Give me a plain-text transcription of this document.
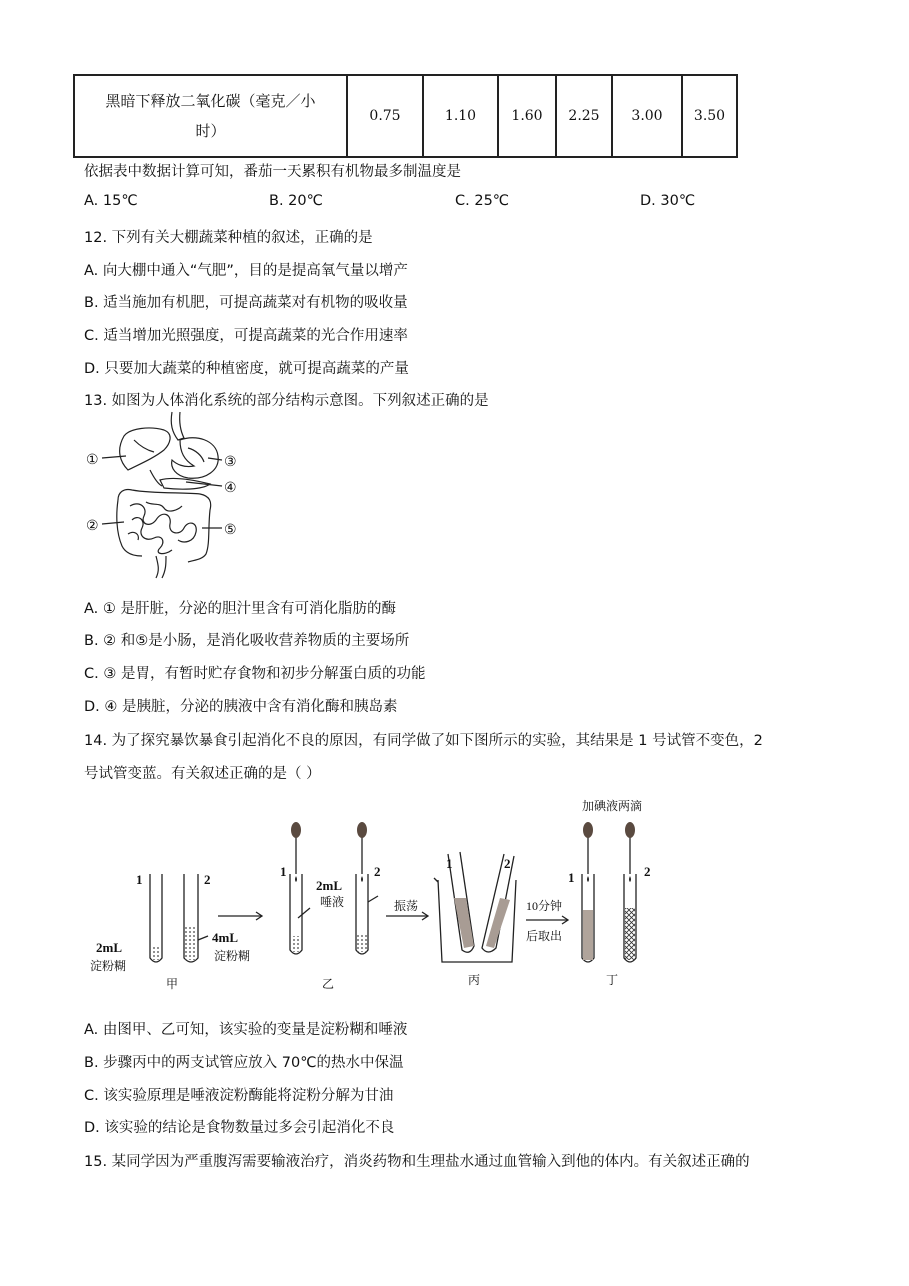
黑暗下释放二氧化碳（毫克／小
时）
	0.75	1.10	1.60	2.25	3.00	3.50
依据表中数据计算可知，番茄一天累积有机物最多制温度是
A. 15℃	B. 20℃	C. 25℃	D. 30℃
12. 下列有关大棚蔬菜种植的叙述，正确的是
A. 向大棚中通入“气肥”，目的是提高氧气量以增产
B. 适当施加有机肥，可提高蔬菜对有机物的吸收量
C. 适当增加光照强度，可提高蔬菜的光合作用速率
D. 只要加大蔬菜的种植密度，就可提高蔬菜的产量
13. 如图为人体消化系统的部分结构示意图。下列叙述正确的是
①
②
③
④
⑤
A. ① 是肝脏，分泌的胆汁里含有可消化脂肪的酶
B. ② 和⑤是小肠，是消化吸收营养物质的主要场所
C. ③ 是胃，有暂时贮存食物和初步分解蛋白质的功能
D. ④ 是胰脏，分泌的胰液中含有消化酶和胰岛素
14. 为了探究暴饮暴食引起消化不良的原因，有同学做了如下图所示的实验，其结果是 1 号试管不变色，2
号试管变蓝。有关叙述正确的是（ ）
1	2
1	2
1	2
1	2
2mL
4mL
2mL
淀粉糊
淀粉糊
唾液	振荡	10分钟
后取出
加碘液两滴
甲	乙	丙	丁
A. 由图甲、乙可知，该实验的变量是淀粉糊和唾液
B. 步骤丙中的两支试管应放入 70℃的热水中保温
C. 该实验原理是唾液淀粉酶能将淀粉分解为甘油
D. 该实验的结论是食物数量过多会引起消化不良
15. 某同学因为严重腹泻需要输液治疗，消炎药物和生理盐水通过血管输入到他的体内。有关叙述正确的
